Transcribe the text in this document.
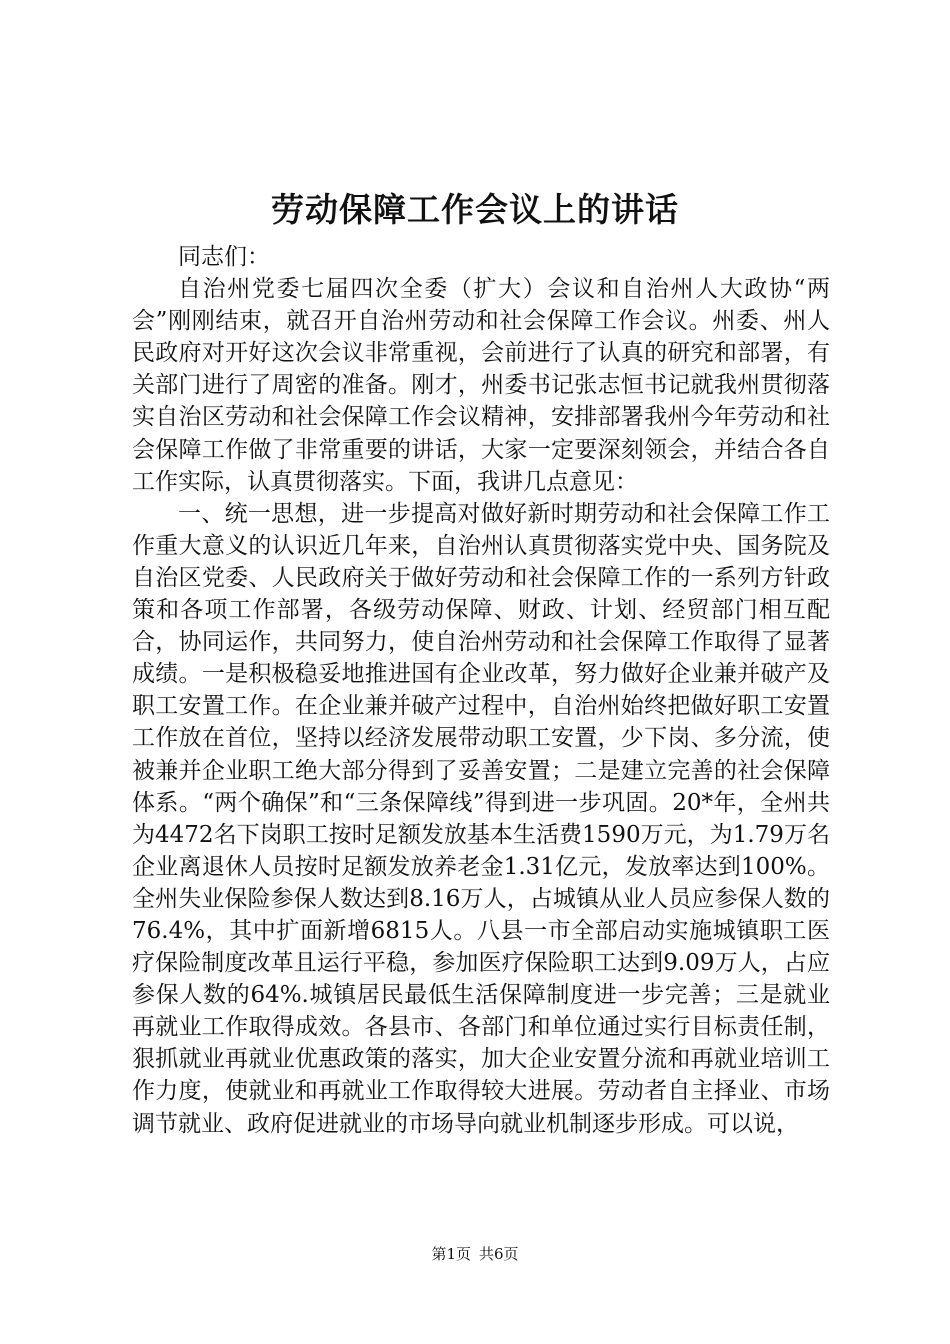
劳动保障工作会议上的讲话

同志们：

自治州党委七届四次全委（扩大）会议和自治州人大政协“两会”刚刚结束，就召开自治州劳动和社会保障工作会议。州委、州人民政府对开好这次会议非常重视，会前进行了认真的研究和部署，有关部门进行了周密的准备。刚才，州委书记张志恒书记就我州贯彻落实自治区劳动和社会保障工作会议精神，安排部署我州今年劳动和社会保障工作做了非常重要的讲话，大家一定要深刻领会，并结合各自工作实际，认真贯彻落实。下面，我讲几点意见：

一、统一思想，进一步提高对做好新时期劳动和社会保障工作工作重大意义的认识近几年来，自治州认真贯彻落实党中央、国务院及自治区党委、人民政府关于做好劳动和社会保障工作的一系列方针政策和各项工作部署，各级劳动保障、财政、计划、经贸部门相互配合，协同运作，共同努力，使自治州劳动和社会保障工作取得了显著成绩。一是积极稳妥地推进国有企业改革，努力做好企业兼并破产及职工安置工作。在企业兼并破产过程中，自治州始终把做好职工安置工作放在首位，坚持以经济发展带动职工安置，少下岗、多分流，使被兼并企业职工绝大部分得到了妥善安置；二是建立完善的社会保障体系。“两个确保”和“三条保障线”得到进一步巩固。20*年，全州共为4472名下岗职工按时足额发放基本生活费1590万元，为1.79万名企业离退休人员按时足额发放养老金1.31亿元，发放率达到100%。全州失业保险参保人数达到8.16万人，占城镇从业人员应参保人数的76.4%，其中扩面新增6815人。八县一市全部启动实施城镇职工医疗保险制度改革且运行平稳，参加医疗保险职工达到9.09万人，占应参保人数的64%.城镇居民最低生活保障制度进一步完善；三是就业再就业工作取得成效。各县市、各部门和单位通过实行目标责任制，狠抓就业再就业优惠政策的落实，加大企业安置分流和再就业培训工作力度，使就业和再就业工作取得较大进展。劳动者自主择业、市场调节就业、政府促进就业的市场导向就业机制逐步形成。可以说，

第1页 共6页
